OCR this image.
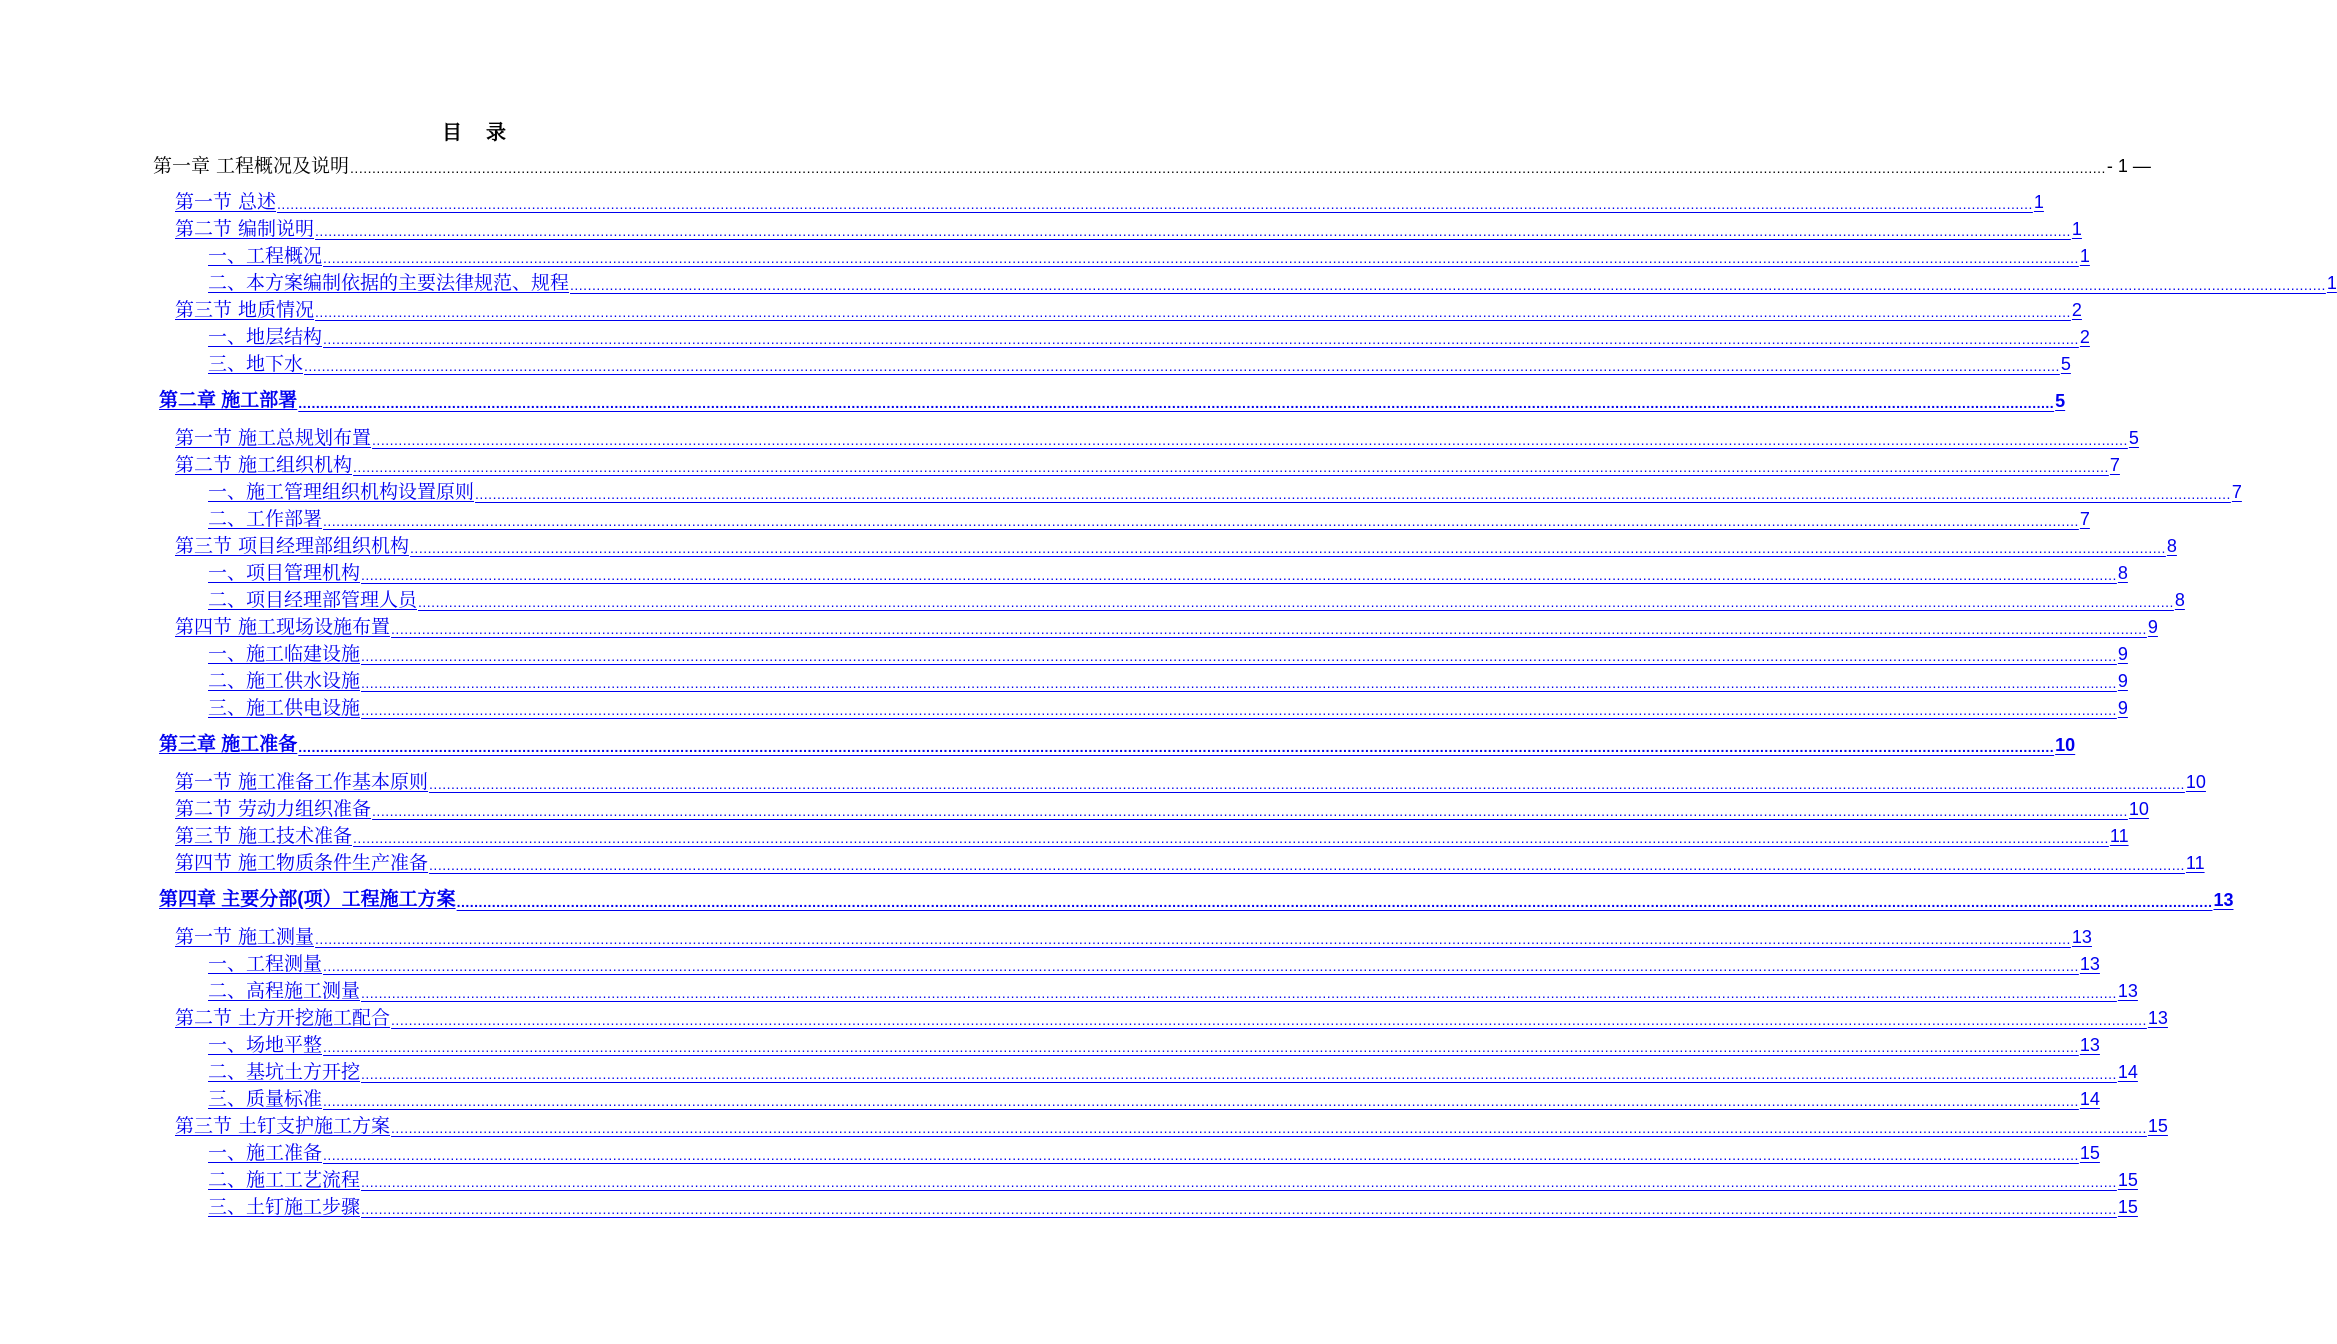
目　录
第一章 工程概况及说明 ................................................................................................................................................................................................................................................................................................................................................................................................................ - 1 —
第一节 总述 ................................................................................................................................................................................................................................................................................................................................................................................................................ 1
第二节 编制说明 ................................................................................................................................................................................................................................................................................................................................................................................................................ 1
一、工程概况 ................................................................................................................................................................................................................................................................................................................................................................................................................ 1
二、本方案编制依据的主要法律规范、规程 ................................................................................................................................................................................................................................................................................................................................................................................................................ 1
第三节 地质情况 ................................................................................................................................................................................................................................................................................................................................................................................................................ 2
一、地层结构 ................................................................................................................................................................................................................................................................................................................................................................................................................ 2
三、地下水 ................................................................................................................................................................................................................................................................................................................................................................................................................ 5
第二章 施工部署 ................................................................................................................................................................................................................................................................................................................................................................................................................ 5
第一节 施工总规划布置 ................................................................................................................................................................................................................................................................................................................................................................................................................ 5
第二节 施工组织机构 ................................................................................................................................................................................................................................................................................................................................................................................................................ 7
一、施工管理组织机构设置原则 ................................................................................................................................................................................................................................................................................................................................................................................................................ 7
二、工作部署 ................................................................................................................................................................................................................................................................................................................................................................................................................ 7
第三节 项目经理部组织机构 ................................................................................................................................................................................................................................................................................................................................................................................................................ 8
一、项目管理机构 ................................................................................................................................................................................................................................................................................................................................................................................................................ 8
二、项目经理部管理人员 ................................................................................................................................................................................................................................................................................................................................................................................................................ 8
第四节 施工现场设施布置 ................................................................................................................................................................................................................................................................................................................................................................................................................ 9
一、施工临建设施 ................................................................................................................................................................................................................................................................................................................................................................................................................ 9
二、施工供水设施 ................................................................................................................................................................................................................................................................................................................................................................................................................ 9
三、施工供电设施 ................................................................................................................................................................................................................................................................................................................................................................................................................ 9
第三章 施工准备 ................................................................................................................................................................................................................................................................................................................................................................................................................ 10
第一节 施工准备工作基本原则 ................................................................................................................................................................................................................................................................................................................................................................................................................ 10
第二节 劳动力组织准备 ................................................................................................................................................................................................................................................................................................................................................................................................................ 10
第三节 施工技术准备 ................................................................................................................................................................................................................................................................................................................................................................................................................ 11
第四节 施工物质条件生产准备 ................................................................................................................................................................................................................................................................................................................................................................................................................ 11
第四章 主要分部(项）工程施工方案 ................................................................................................................................................................................................................................................................................................................................................................................................................ 13
第一节 施工测量 ................................................................................................................................................................................................................................................................................................................................................................................................................ 13
一、工程测量 ................................................................................................................................................................................................................................................................................................................................................................................................................ 13
二、高程施工测量 ................................................................................................................................................................................................................................................................................................................................................................................................................ 13
第二节 土方开挖施工配合 ................................................................................................................................................................................................................................................................................................................................................................................................................ 13
一、场地平整 ................................................................................................................................................................................................................................................................................................................................................................................................................ 13
二、基坑土方开挖 ................................................................................................................................................................................................................................................................................................................................................................................................................ 14
三、质量标准 ................................................................................................................................................................................................................................................................................................................................................................................................................ 14
第三节 土钉支护施工方案 ................................................................................................................................................................................................................................................................................................................................................................................................................ 15
一、施工准备 ................................................................................................................................................................................................................................................................................................................................................................................................................ 15
二、施工工艺流程 ................................................................................................................................................................................................................................................................................................................................................................................................................ 15
三、土钉施工步骤 ................................................................................................................................................................................................................................................................................................................................................................................................................ 15
